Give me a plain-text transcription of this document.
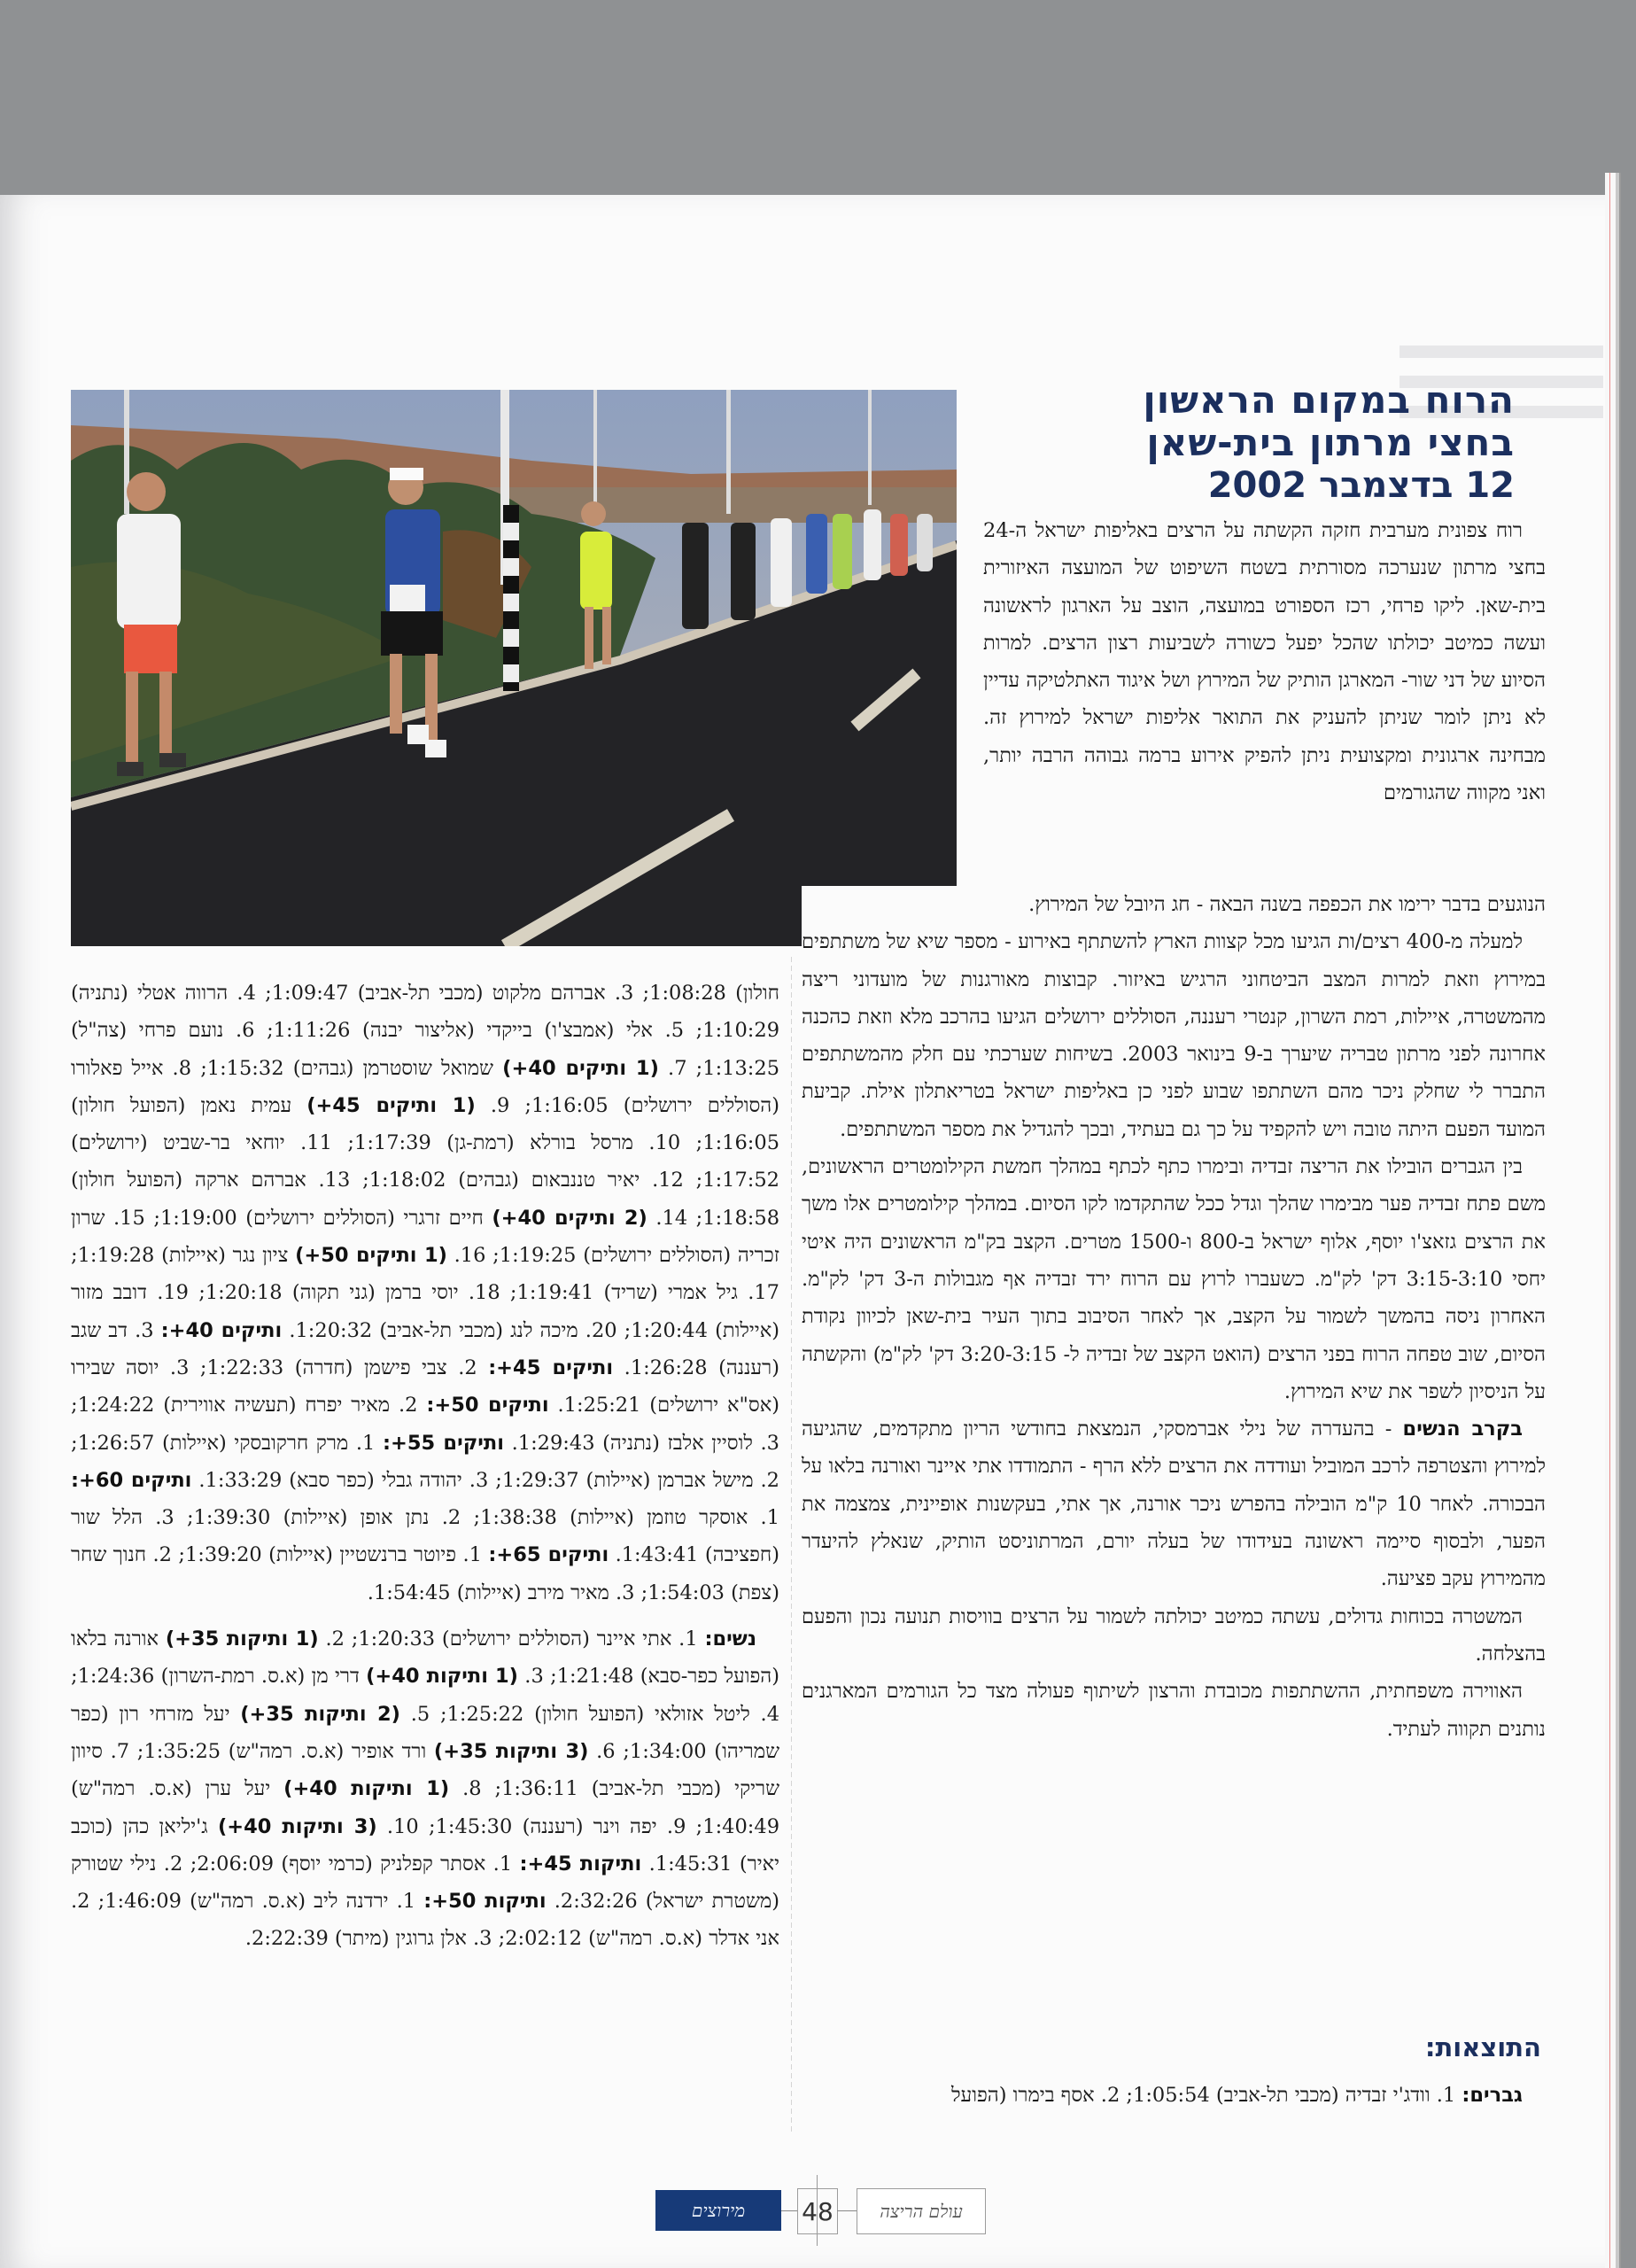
הרוח במקום הראשון
בחצי מרתון בית-שאן
12 בדצמבר 2002

רוח צפונית מערבית חזקה הקשתה על הרצים באליפות ישראל ה-24 בחצי מרתון שנערכה מסורתית בשטח השיפוט של המועצה האיזורית בית-שאן. ליקו פרחי, רכז הספורט במועצה, הוצב על הארגון לראשונה ועשה כמיטב יכולתו שהכל יפעל כשורה לשביעות רצון הרצים. למרות הסיוע של דני שור- המארגן הותיק של המירוץ ושל איגוד האתלטיקה עדיין לא ניתן לומר שניתן להעניק את התואר אליפות ישראל למירוץ זה. מבחינה ארגונית ומקצועית ניתן להפיק אירוע ברמה גבוהה הרבה יותר, ואני מקווה שהגורמים

הנוגעים בדבר ירימו את הכפפה בשנה הבאה - חג היובל של המירוץ.

למעלה מ-400 רצים/ות הגיעו מכל קצוות הארץ להשתתף באירוע - מספר שיא של משתתפים במירוץ וזאת למרות המצב הביטחוני הרגיש באיזור. קבוצות מאורגנות של מועדוני ריצה מהמשטרה, איילות, רמת השרון, קנטרי רעננה, הסוללים ירושלים הגיעו בהרכב מלא וזאת כהכנה אחרונה לפני מרתון טבריה שיערך ב-9 בינואר 2003. בשיחות שערכתי עם חלק מהמשתתפים התברר לי שחלק ניכר מהם השתתפו שבוע לפני כן באליפות ישראל בטריאתלון אילת. קביעת המועד הפעם היתה טובה ויש להקפיד על כך גם בעתיד, ובכך להגדיל את מספר המשתתפים.

בין הגברים הובילו את הריצה זבדיה ובימרו כתף לכתף במהלך חמשת הקילומטרים הראשונים, משם פתח זבדיה פער מבימרו שהלך וגדל ככל שהתקדמו לקו הסיום. במהלך קילומטרים אלו משך את הרצים גזאצ'ו יוסף, אלוף ישראל ב-800 ו-1500 מטרים. הקצב בק"מ הראשונים היה איטי יחסי 3:15-3:10 דק' לק"מ. כשעברו לרוץ עם הרוח ירד זבדיה אף מגבולות ה-3 דק' לק"מ. האחרון ניסה בהמשך לשמור על הקצב, אך לאחר הסיבוב בתוך העיר בית-שאן לכיוון נקודת הסיום, שוב טפחה הרוח בפני הרצים (הואט הקצב של זבדיה ל- 3:20-3:15 דק' לק"מ) והקשתה על הניסיון לשפר את שיא המירוץ.

בקרב הנשים - בהעדרה של נילי אברמסקי, הנמצאת בחודשי הריון מתקדמים, שהגיעה למירוץ והצטרפה לרכב המוביל ועודדה את הרצים ללא הרף - התמודדו אתי איינר ואורנה בלאו על הבכורה. לאחר 10 ק"מ הובילה בהפרש ניכר אורנה, אך אתי, בעקשנות אופיינית, צמצמה את הפער, ולבסוף סיימה ראשונה בעידודו של בעלה יורם, המרתוניסט הותיק, שנאלץ להיעדר מהמירוץ עקב פציעה.

המשטרה בכוחות גדולים, עשתה כמיטב יכולתה לשמור על הרצים בוויסות תנועה נכון והפעם בהצלחה.

האווירה משפחתית, ההשתתפות מכובדת והרצון לשיתוף פעולה מצד כל הגורמים המארגנים נותנים תקווה לעתיד.

התוצאות:

גברים: 1. וודג'י זבדיה (מכבי תל-אביב) 1:05:54; 2. אסף בימרו (הפועל

חולון) 1:08:28; 3. אברהם מלקוט (מכבי תל-אביב) 1:09:47; 4. הרווה אטלי (נתניה) 1:10:29; 5. אלי (אמבצ'ו) בייקדי (אליצור יבנה) 1:11:26; 6. נועם פרחי (צה"ל) 1:13:25; 7. (1 ותיקים 40+) שמואל שוסטרמן (גבהים) 1:15:32; 8. אייל פאלורו (הסוללים ירושלים) 1:16:05; 9. (1 ותיקים 45+) עמית נאמן (הפועל חולון) 1:16:05; 10. מרסל בורלא (רמת-גן) 1:17:39; 11. יוחאי בר-שביט (ירושלים) 1:17:52; 12. יאיר טננבאום (גבהים) 1:18:02; 13. אברהם ארקה (הפועל חולון) 1:18:58; 14. (2 ותיקים 40+) חיים זרגרי (הסוללים ירושלים) 1:19:00; 15. שרון זכריה (הסוללים ירושלים) 1:19:25; 16. (1 ותיקים 50+) ציון נגר (איילות) 1:19:28; 17. גיל אמרי (שריד) 1:19:41; 18. יוסי ברמן (גני תקוה) 1:20:18; 19. דובב מזור (איילות) 1:20:44; 20. מיכה לנג (מכבי תל-אביב) 1:20:32. ותיקים 40+: 3. דב שגב (רעננה) 1:26:28. ותיקים 45+: 2. צבי פישמן (חדרה) 1:22:33; 3. יוסה שבירו (אס"א ירושלים) 1:25:21. ותיקים 50+: 2. מאיר יפרח (תעשיה אווירית) 1:24:22; 3. לוסיין אלבז (נתניה) 1:29:43. ותיקים 55+: 1. מרק חרקובסקי (איילות) 1:26:57; 2. מישל אברמן (איילות) 1:29:37; 3. יהודה גבלי (כפר סבא) 1:33:29. ותיקים 60+: 1. אוסקר טוזמן (איילות) 1:38:38; 2. נתן אופן (איילות) 1:39:30; 3. הלל שור (חפציבה) 1:43:41. ותיקים 65+: 1. פיוטר ברנשטיין (איילות) 1:39:20; 2. חנוך שחר (צפת) 1:54:03; 3. מאיר מירב (איילות) 1:54:45.

נשים: 1. אתי איינר (הסוללים ירושלים) 1:20:33; 2. (1 ותיקות 35+) אורנה בלאו (הפועל כפר-סבא) 1:21:48; 3. (1 ותיקות 40+) דרי מן (א.ס. רמת-השרון) 1:24:36; 4. ליטל אזולאי (הפועל חולון) 1:25:22; 5. (2 ותיקות 35+) יעל מזרחי רון (כפר שמריהו) 1:34:00; 6. (3 ותיקות 35+) ורד אופיר (א.ס. רמה"ש) 1:35:25; 7. סיוון שריקי (מכבי תל-אביב) 1:36:11; 8. (1 ותיקות 40+) יעל ערן (א.ס. רמה"ש) 1:40:49; 9. יפה וינר (רעננה) 1:45:30; 10. (3 ותיקות 40+) ג'יליאן כהן (כוכב יאיר) 1:45:31. ותיקות 45+: 1. אסתר קפלניק (כרמי יוסף) 2:06:09; 2. נילי שטורק (משטרת ישראל) 2:32:26. ותיקות 50+: 1. ירדנה ליב (א.ס. רמה"ש) 1:46:09; 2. אני אדלר (א.ס. רמה"ש) 2:02:12; 3. אלן גרוגין (מיתר) 2:22:39.

מירוצים	48	עולם הריצה
